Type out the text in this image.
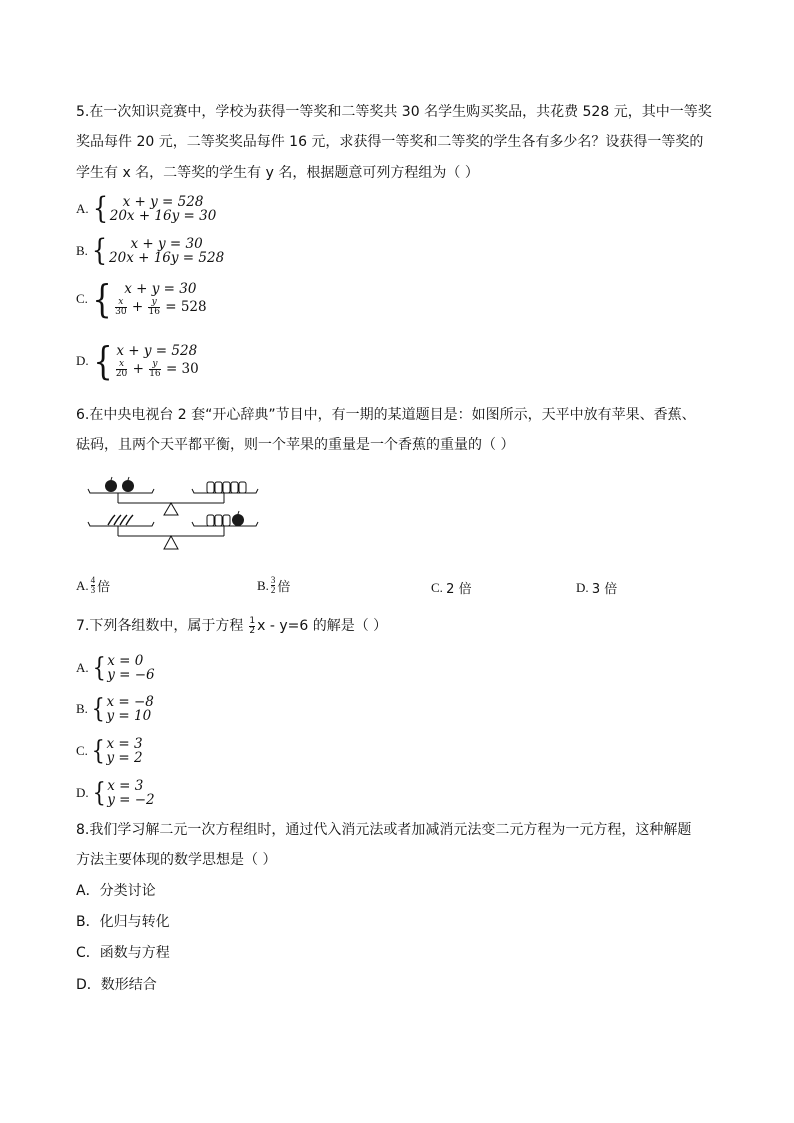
5.在一次知识竞赛中，学校为获得一等奖和二等奖共 30 名学生购买奖品，共花费 528 元，其中一等奖
奖品每件 20 元，二等奖奖品每件 16 元，求获得一等奖和二等奖的学生各有多少名？设获得一等奖的
学生有 x 名，二等奖的学生有 y 名，根据题意可列方程组为（ ）
A. {	x + y = 528
20x + 16y = 30
B. {	x + y = 30
20x + 16y = 528
C. { x + y = 30
$\frac{x}{30} + \frac{y}{16} = 528$
D. { x + y = 528
$\frac{x}{20} + \frac{y}{16} = 30$
6.在中央电视台 2 套“开心辞典”节目中，有一期的某道题目是：如图所示，天平中放有苹果、香蕉、
砝码，且两个天平都平衡，则一个苹果的重量是一个香蕉的重量的（ ）
A. 4
3 倍	B. 3
2 倍	C.
2 倍	D.
3 倍
7.下列各组数中，属于方程 1
2 x - y=6 的解是（ ）
A. { x = 0
y = −6
B. { x = −8
y = 10
C. { x = 3
y = 2
D. { x = 3
y = −2
8.我们学习解二元一次方程组时，通过代入消元法或者加减消元法变二元方程为一元方程，这种解题
方法主要体现的数学思想是（ ）
A．分类讨论
B．化归与转化
C．函数与方程
D．数形结合
